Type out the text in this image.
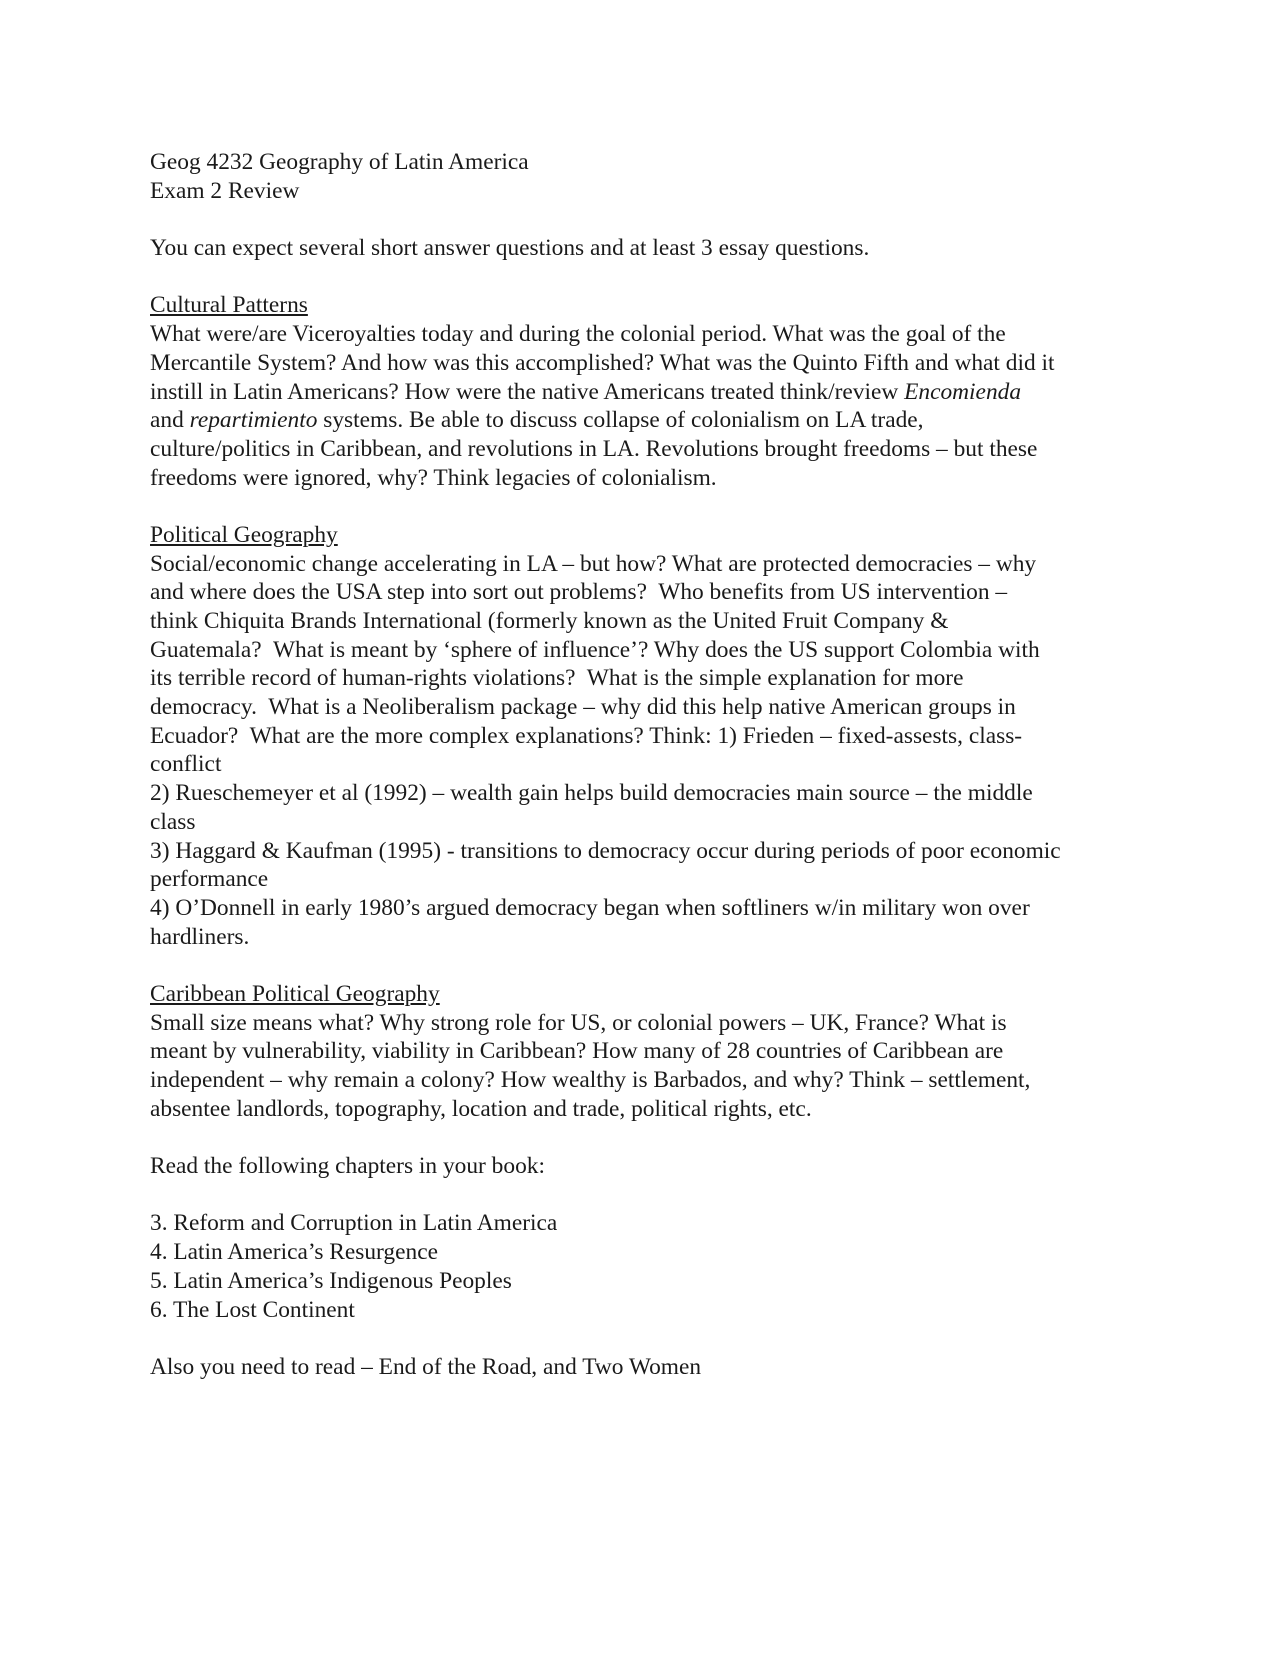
Geog 4232 Geography of Latin America
Exam 2 Review
You can expect several short answer questions and at least 3 essay questions.
Cultural Patterns
What were/are Viceroyalties today and during the colonial period. What was the goal of the
Mercantile System? And how was this accomplished? What was the Quinto Fifth and what did it
instill in Latin Americans? How were the native Americans treated think/review Encomienda
and repartimiento systems. Be able to discuss collapse of colonialism on LA trade,
culture/politics in Caribbean, and revolutions in LA. Revolutions brought freedoms – but these
freedoms were ignored, why? Think legacies of colonialism.
Political Geography
Social/economic change accelerating in LA – but how? What are protected democracies – why
and where does the USA step into sort out problems?  Who benefits from US intervention –
think Chiquita Brands International (formerly known as the United Fruit Company &
Guatemala?  What is meant by ‘sphere of influence’? Why does the US support Colombia with
its terrible record of human-rights violations?  What is the simple explanation for more
democracy.  What is a Neoliberalism package – why did this help native American groups in
Ecuador?  What are the more complex explanations? Think: 1) Frieden – fixed-assests, class-
conflict
2) Rueschemeyer et al (1992) – wealth gain helps build democracies main source – the middle
class
3) Haggard & Kaufman (1995) - transitions to democracy occur during periods of poor economic
performance
4) O’Donnell in early 1980’s argued democracy began when softliners w/in military won over
hardliners.
Caribbean Political Geography
Small size means what? Why strong role for US, or colonial powers – UK, France? What is
meant by vulnerability, viability in Caribbean? How many of 28 countries of Caribbean are
independent – why remain a colony? How wealthy is Barbados, and why? Think – settlement,
absentee landlords, topography, location and trade, political rights, etc.
Read the following chapters in your book:
3. Reform and Corruption in Latin America
4. Latin America’s Resurgence
5. Latin America’s Indigenous Peoples
6. The Lost Continent
Also you need to read – End of the Road, and Two Women
